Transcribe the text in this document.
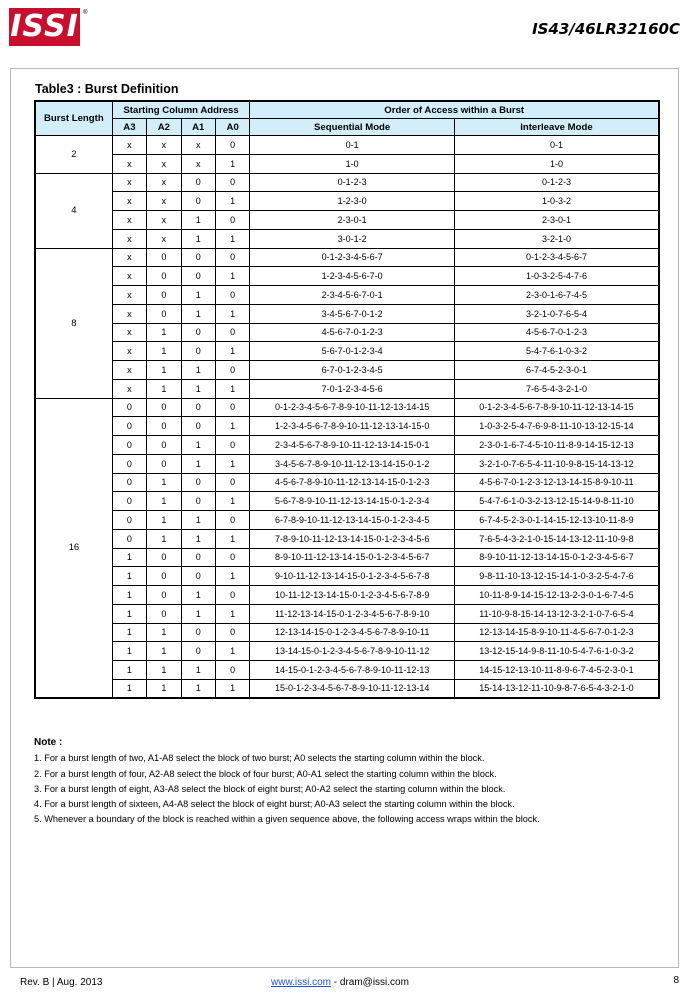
ISSI ®
IS43/46LR32160C
Table3 : Burst Definition
Burst Length	Starting Column Address				Order of Access within a Burst	
	A3	A2	A1	A0	Sequential Mode	Interleave Mode
2	x	x	x	0	0-1	0-1
	x	x	x	1	1-0	1-0
4	x	x	0	0	0-1-2-3	0-1-2-3
	x	x	0	1	1-2-3-0	1-0-3-2
	x	x	1	0	2-3-0-1	2-3-0-1
	x	x	1	1	3-0-1-2	3-2-1-0
8	x	0	0	0	0-1-2-3-4-5-6-7	0-1-2-3-4-5-6-7
	x	0	0	1	1-2-3-4-5-6-7-0	1-0-3-2-5-4-7-6
	x	0	1	0	2-3-4-5-6-7-0-1	2-3-0-1-6-7-4-5
	x	0	1	1	3-4-5-6-7-0-1-2	3-2-1-0-7-6-5-4
	x	1	0	0	4-5-6-7-0-1-2-3	4-5-6-7-0-1-2-3
	x	1	0	1	5-6-7-0-1-2-3-4	5-4-7-6-1-0-3-2
	x	1	1	0	6-7-0-1-2-3-4-5	6-7-4-5-2-3-0-1
	x	1	1	1	7-0-1-2-3-4-5-6	7-6-5-4-3-2-1-0
16	0	0	0	0	0-1-2-3-4-5-6-7-8-9-10-11-12-13-14-15	0-1-2-3-4-5-6-7-8-9-10-11-12-13-14-15
	0	0	0	1	1-2-3-4-5-6-7-8-9-10-11-12-13-14-15-0	1-0-3-2-5-4-7-6-9-8-11-10-13-12-15-14
	0	0	1	0	2-3-4-5-6-7-8-9-10-11-12-13-14-15-0-1	2-3-0-1-6-7-4-5-10-11-8-9-14-15-12-13
	0	0	1	1	3-4-5-6-7-8-9-10-11-12-13-14-15-0-1-2	3-2-1-0-7-6-5-4-11-10-9-8-15-14-13-12
	0	1	0	0	4-5-6-7-8-9-10-11-12-13-14-15-0-1-2-3	4-5-6-7-0-1-2-3-12-13-14-15-8-9-10-11
	0	1	0	1	5-6-7-8-9-10-11-12-13-14-15-0-1-2-3-4	5-4-7-6-1-0-3-2-13-12-15-14-9-8-11-10
	0	1	1	0	6-7-8-9-10-11-12-13-14-15-0-1-2-3-4-5	6-7-4-5-2-3-0-1-14-15-12-13-10-11-8-9
	0	1	1	1	7-8-9-10-11-12-13-14-15-0-1-2-3-4-5-6	7-6-5-4-3-2-1-0-15-14-13-12-11-10-9-8
	1	0	0	0	8-9-10-11-12-13-14-15-0-1-2-3-4-5-6-7	8-9-10-11-12-13-14-15-0-1-2-3-4-5-6-7
	1	0	0	1	9-10-11-12-13-14-15-0-1-2-3-4-5-6-7-8	9-8-11-10-13-12-15-14-1-0-3-2-5-4-7-6
	1	0	1	0	10-11-12-13-14-15-0-1-2-3-4-5-6-7-8-9	10-11-8-9-14-15-12-13-2-3-0-1-6-7-4-5
	1	0	1	1	11-12-13-14-15-0-1-2-3-4-5-6-7-8-9-10	11-10-9-8-15-14-13-12-3-2-1-0-7-6-5-4
	1	1	0	0	12-13-14-15-0-1-2-3-4-5-6-7-8-9-10-11	12-13-14-15-8-9-10-11-4-5-6-7-0-1-2-3
	1	1	0	1	13-14-15-0-1-2-3-4-5-6-7-8-9-10-11-12	13-12-15-14-9-8-11-10-5-4-7-6-1-0-3-2
	1	1	1	0	14-15-0-1-2-3-4-5-6-7-8-9-10-11-12-13	14-15-12-13-10-11-8-9-6-7-4-5-2-3-0-1
	1	1	1	1	15-0-1-2-3-4-5-6-7-8-9-10-11-12-13-14	15-14-13-12-11-10-9-8-7-6-5-4-3-2-1-0
Note :
1. For a burst length of two, A1-A8 select the block of two burst; A0 selects the starting column within the block.
2. For a burst length of four, A2-A8 select the block of four burst; A0-A1 select the starting column within the block.
3. For a burst length of eight, A3-A8 select the block of eight burst; A0-A2 select the starting column within the block.
4. For a burst length of sixteen, A4-A8 select the block of eight burst; A0-A3 select the starting column within the block.
5. Whenever a boundary of the block is reached within a given sequence above, the following access wraps within the block.
Rev. B | Aug. 2013	www.issi.com - dram@issi.com	8
